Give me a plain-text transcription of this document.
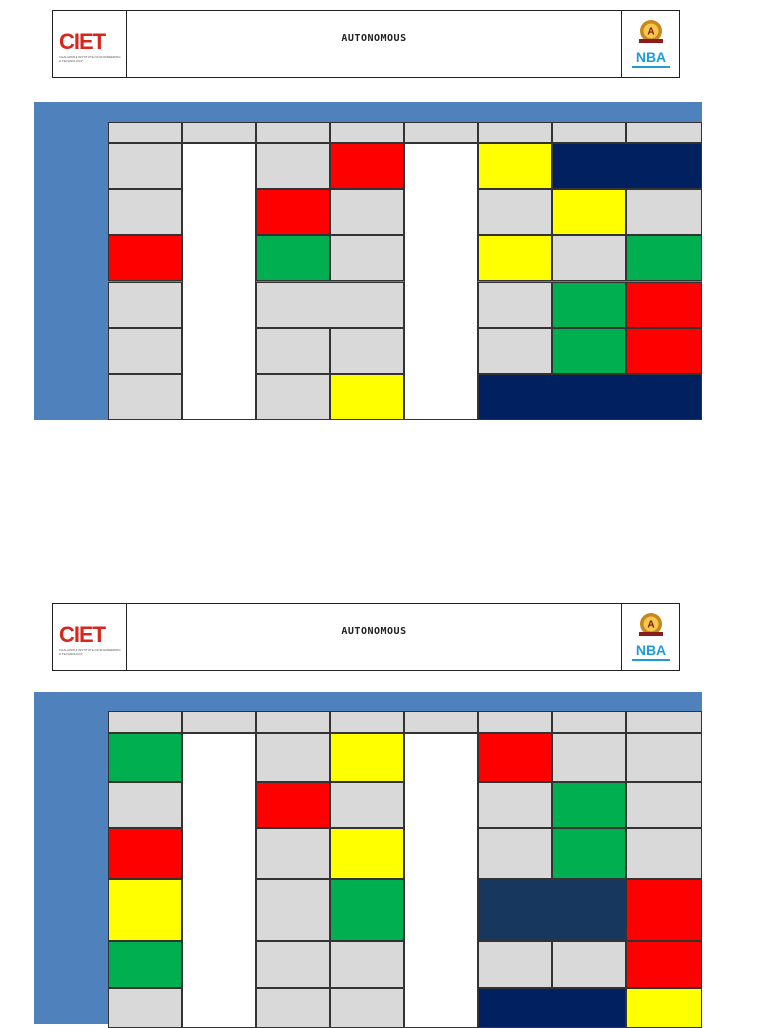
CIET
CHALAPATHI INSTITUTE OF ENGINEERING & TECHNOLOGY
AUTONOMOUS
A
NBA
CIET
CHALAPATHI INSTITUTE OF ENGINEERING & TECHNOLOGY
AUTONOMOUS
A
NBA
